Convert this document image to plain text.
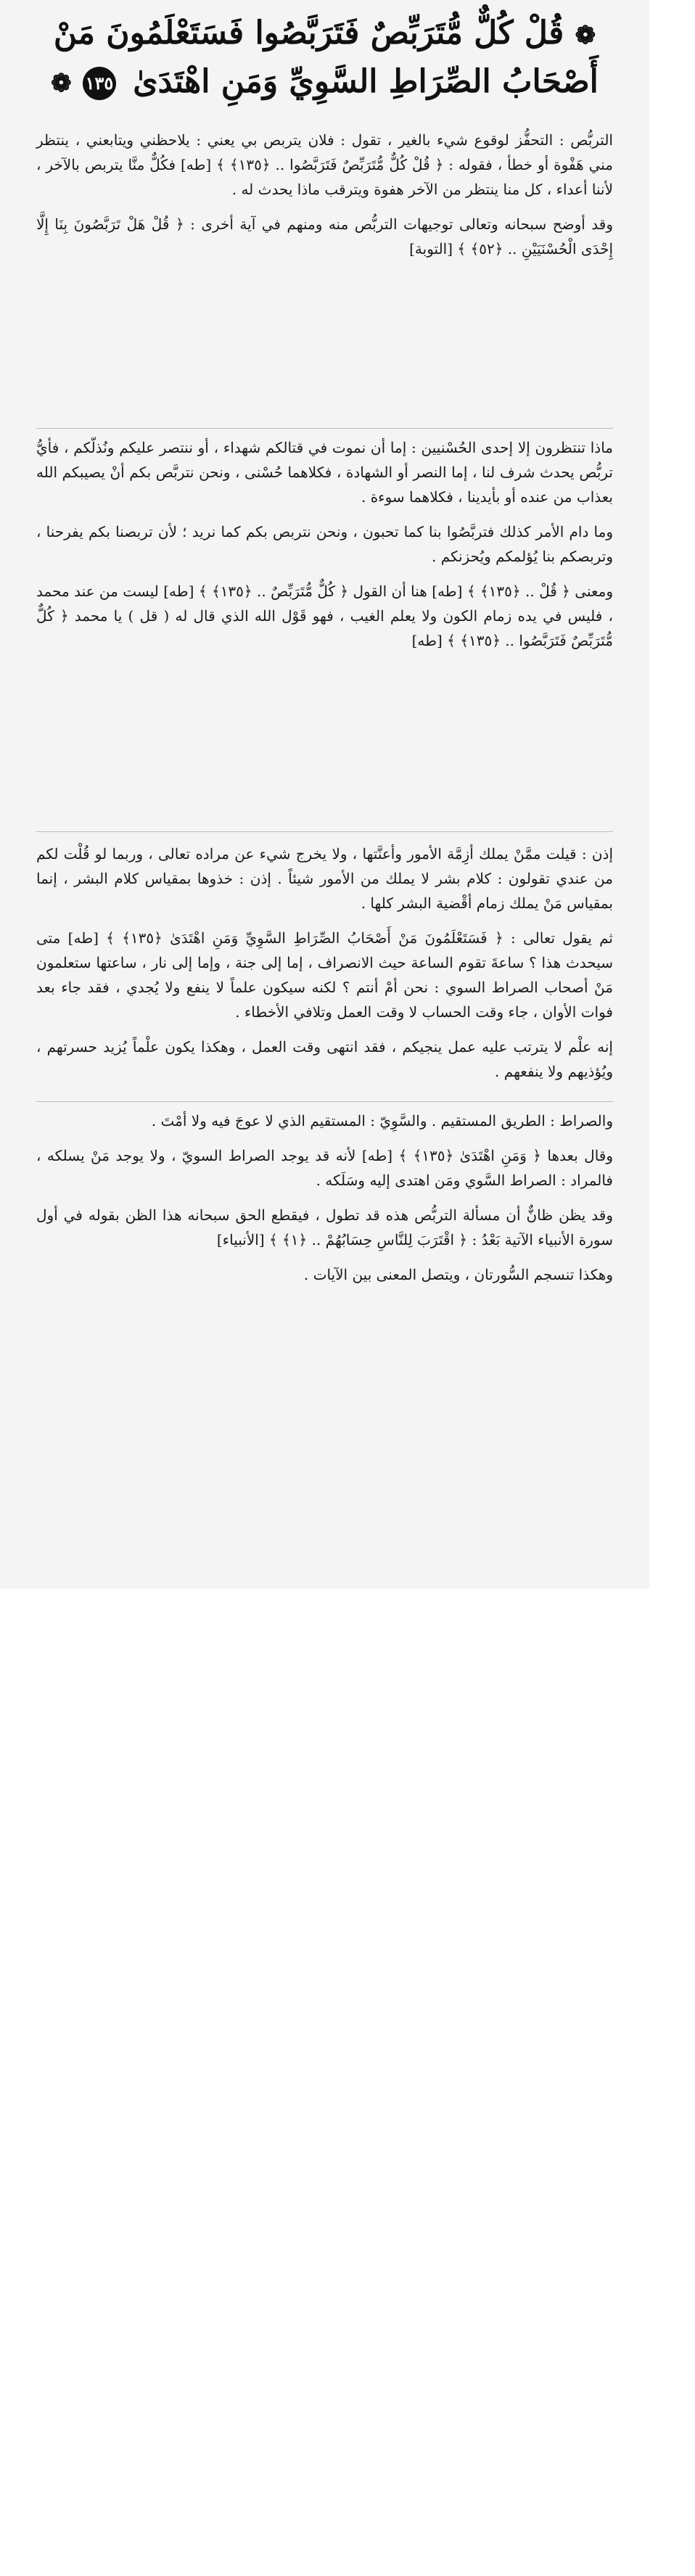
❁ قُلْ كُلٌّ مُّتَرَبِّصٌ فَتَرَبَّصُوا فَسَتَعْلَمُونَ مَنْ أَصْحَابُ الصِّرَاطِ السَّوِيِّ وَمَنِ اهْتَدَىٰ ١٣٥ ❁

التربُّص : التحفُّز لوقوع شيء بالغير ، تقول : فلان يتربص بي يعني : يلاحظني ويتابعني ، ينتظر مني هَفْوة أو خطأ ، فقوله : ﴿ قُلْ كُلٌّ مُّتَرَبِّصٌ فَتَرَبَّصُوا .. ﴿١٣٥﴾ ﴾ [طه] فكُلٌّ منَّا يتربص بالآخر ، لأننا أعداء ، كل منا ينتظر من الآخر هفوة ويترقب ماذا يحدث له .

وقد أوضح سبحانه وتعالى توجيهات التربُّص منه ومنهم في آية أخرى : ﴿ قُلْ هَلْ تَرَبَّصُونَ بِنَا إِلَّا إِحْدَى الْحُسْنَيَيْنِ .. ﴿٥٢﴾ ﴾ [التوبة]

ماذا تنتظرون إلا إحدى الحُسْنيين : إما أن نموت في قتالكم شهداء ، أو ننتصر عليكم ونُذلّكم ، فأيُّ تربُّص يحدث شرف لنا ، إما النصر أو الشهادة ، فكلاهما حُسْنى ، ونحن نتربَّص بكم أنْ يصيبكم الله بعذاب من عنده أو بأيدينا ، فكلاهما سوءة .

وما دام الأمر كذلك فتربَّصُوا بنا كما تحبون ، ونحن نتربص بكم كما نريد ؛ لأن تربصنا بكم يفرحنا ، وتربصكم بنا يُؤلمكم ويُحزنكم .

ومعنى ﴿ قُلْ .. ﴿١٣٥﴾ ﴾ [طه] هنا أن القول ﴿ كُلٌّ مُّتَرَبِّصٌ .. ﴿١٣٥﴾ ﴾ [طه] ليست من عند محمد ، فليس في يده زمام الكون ولا يعلم الغيب ، فهو قَوْل الله الذي قال له ( قل ) يا محمد ﴿ كُلٌّ مُّتَرَبِّصٌ فَتَرَبَّصُوا .. ﴿١٣٥﴾ ﴾ [طه]

إذن : قيلت ممَّنْ يملك أزِمَّة الأمور وأعنَّتها ، ولا يخرج شيء عن مراده تعالى ، وربما لو قُلْت لكم من عندي تقولون : كلام بشر لا يملك من الأمور شيئاً . إذن : خذوها بمقياس كلام البشر ، إنما بمقياس مَنْ يملك زمام أقْضية البشر كلها .

ثم يقول تعالى : ﴿ فَسَتَعْلَمُونَ مَنْ أَصْحَابُ الصِّرَاطِ السَّوِيِّ وَمَنِ اهْتَدَىٰ ﴿١٣٥﴾ ﴾ [طه] متى سيحدث هذا ؟ ساعةَ تقوم الساعة حيث الانصراف ، إما إلى جنة ، وإما إلى نار ، ساعتها ستعلمون مَنْ أصحاب الصراط السوي : نحن أمْ أنتم ؟ لكنه سيكون علماً لا ينفع ولا يُجدي ، فقد جاء بعد فوات الأوان ، جاء وقت الحساب لا وقت العمل وتلافي الأخطاء .

إنه علْم لا يترتب عليه عمل ينجيكم ، فقد انتهى وقت العمل ، وهكذا يكون علْماً يُزيد حسرتهم ، ويُؤذيهم ولا ينفعهم .

والصراط : الطريق المستقيم . والسَّوِيّ : المستقيم الذي لا عوجَ فيه ولا أمْتَ .

وقال بعدها ﴿ وَمَنِ اهْتَدَىٰ ﴿١٣٥﴾ ﴾ [طه] لأنه قد يوجد الصراط السويّ ، ولا يوجد مَنْ يسلكه ، فالمراد : الصراط السَّوي ومَن اهتدى إليه وسَلَكه .

وقد يظن ظانٌّ أن مسألة التربُّص هذه قد تطول ، فيقطع الحق سبحانه هذا الظن بقوله في أول سورة الأنبياء الآتية بَعْدُ : ﴿ اقْتَرَبَ لِلنَّاسِ حِسَابُهُمْ .. ﴿١﴾ ﴾ [الأنبياء]

وهكذا تنسجم السُّورتان ، ويتصل المعنى بين الآيات .
